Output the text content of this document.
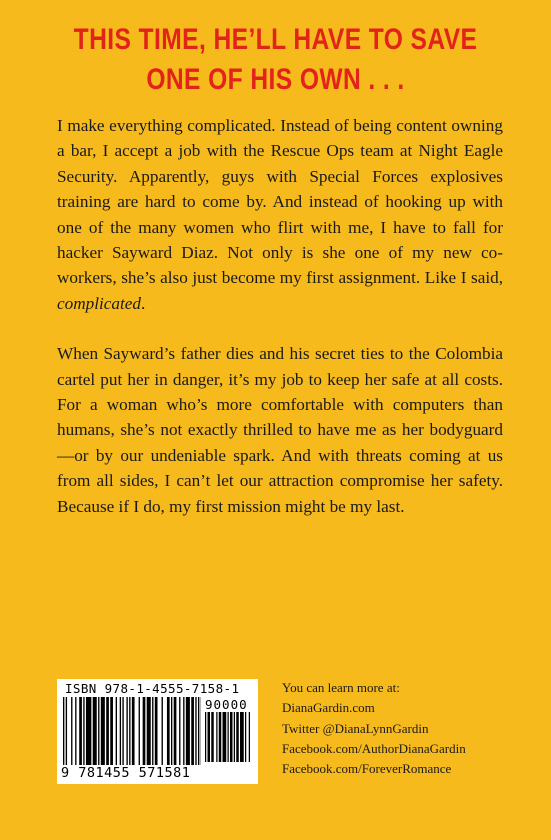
THIS TIME, HE’LL HAVE TO SAVE
ONE OF HIS OWN . . .

I make everything complicated. Instead of being content owning a bar, I accept a job with the Rescue Ops team at Night Eagle Security. Apparently, guys with Special Forces explosives training are hard to come by. And instead of hooking up with one of the many women who flirt with me, I have to fall for hacker Sayward Diaz. Not only is she one of my new co-workers, she’s also just become my first assignment. Like I said, complicated.

When Sayward’s father dies and his secret ties to the Colombia cartel put her in danger, it’s my job to keep her safe at all costs. For a woman who’s more comfortable with computers than humans, she’s not exactly thrilled to have me as her bodyguard—or by our undeniable spark. And with threats coming at us from all sides, I can’t let our attraction compromise her safety. Because if I do, my first mission might be my last.

ISBN 978-1-4555-7158-1
90000
9 781455 571581
You can learn more at:
DianaGardin.com
Twitter @DianaLynnGardin
Facebook.com/AuthorDianaGardin
Facebook.com/ForeverRomance
